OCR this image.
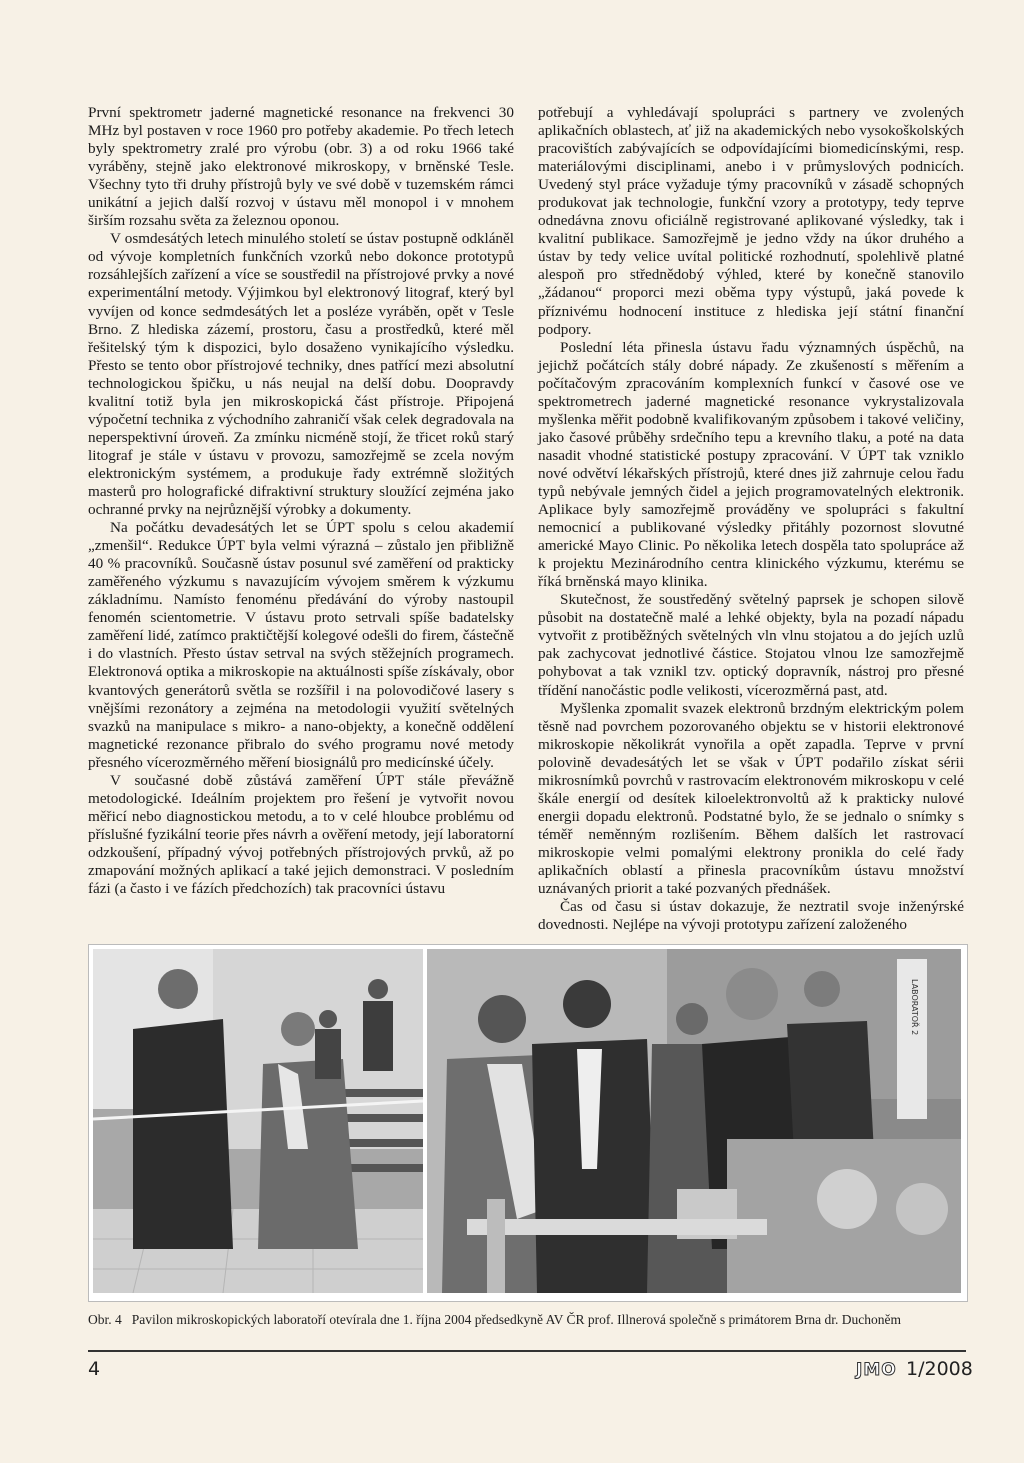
První spektrometr jaderné magnetické resonance na frekvenci 30 MHz byl postaven v roce 1960 pro potřeby akademie. Po třech letech byly spektrometry zralé pro výrobu (obr. 3) a od roku 1966 také vyráběny, stejně jako elektronové mikroskopy, v brněnské Tesle. Všechny tyto tři druhy přístrojů byly ve své době v tuzemském rámci unikátní a jejich další rozvoj v ústavu měl monopol i v mnohem širším rozsahu světa za železnou oponou.

V osmdesátých letech minulého století se ústav postupně odkláněl od vývoje kompletních funkčních vzorků nebo dokonce prototypů rozsáhlejších zařízení a více se soustředil na přístrojové prvky a nové experimentální metody. Výjimkou byl elektronový litograf, který byl vyvíjen od konce sedmdesátých let a posléze vyráběn, opět v Tesle Brno. Z hlediska zázemí, prostoru, času a prostředků, které měl řešitelský tým k dispozici, bylo dosaženo vynikajícího výsledku. Přesto se tento obor přístrojové techniky, dnes patřící mezi absolutní technologickou špičku, u nás neujal na delší dobu. Doopravdy kvalitní totiž byla jen mikroskopická část přístroje. Připojená výpočetní technika z východního zahraničí však celek degradovala na neperspektivní úroveň. Za zmínku nicméně stojí, že třicet roků starý litograf je stále v ústavu v provozu, samozřejmě se zcela novým elektronickým systémem, a produkuje řady extrémně složitých masterů pro holografické difraktivní struktury sloužící zejména jako ochranné prvky na nejrůznější výrobky a dokumenty.

Na počátku devadesátých let se ÚPT spolu s celou akademií „zmenšil“. Redukce ÚPT byla velmi výrazná – zůstalo jen přibližně 40 % pracovníků. Současně ústav posunul své zaměření od prakticky zaměřeného výzkumu s navazujícím vývojem směrem k výzkumu základnímu. Namísto fenoménu předávání do výroby nastoupil fenomén scientometrie. V ústavu proto setrvali spíše badatelsky zaměření lidé, zatímco praktičtější kolegové odešli do firem, částečně i do vlastních. Přesto ústav setrval na svých stěžejních programech. Elektronová optika a mikroskopie na aktuálnosti spíše získávaly, obor kvantových generátorů světla se rozšířil i na polovodičové lasery s vnějšími rezonátory a zejména na metodologii využití světelných svazků na manipulace s mikro- a nano-objekty, a konečně oddělení magnetické rezonance přibralo do svého programu nové metody přesného vícerozměrného měření biosignálů pro medicínské účely.

V současné době zůstává zaměření ÚPT stále převážně metodologické. Ideálním projektem pro řešení je vytvořit novou měřicí nebo diagnostickou metodu, a to v celé hloubce problému od příslušné fyzikální teorie přes návrh a ověření metody, její laboratorní odzkoušení, případný vývoj potřebných přístrojových prvků, až po zmapování možných aplikací a také jejich demonstraci. V posledním fázi (a často i ve fázích předchozích) tak pracovníci ústavu

potřebují a vyhledávají spolupráci s partnery ve zvolených aplikačních oblastech, ať již na akademických nebo vysokoškolských pracovištích zabývajících se odpovídajícími biomedicínskými, resp. materiálovými disciplinami, anebo i v průmyslových podnicích. Uvedený styl práce vyžaduje týmy pracovníků v zásadě schopných produkovat jak technologie, funkční vzory a prototypy, tedy teprve odnedávna znovu oficiálně registrované aplikované výsledky, tak i kvalitní publikace. Samozřejmě je jedno vždy na úkor druhého a ústav by tedy velice uvítal politické rozhodnutí, spolehlivě platné alespoň pro střednědobý výhled, které by konečně stanovilo „žádanou“ proporci mezi oběma typy výstupů, jaká povede k příznivému hodnocení instituce z hlediska její státní finanční podpory.

Poslední léta přinesla ústavu řadu významných úspěchů, na jejichž počátcích stály dobré nápady. Ze zkušeností s měřením a počítačovým zpracováním komplexních funkcí v časové ose ve spektrometrech jaderné magnetické resonance vykrystalizovala myšlenka měřit podobně kvalifikovaným způsobem i takové veličiny, jako časové průběhy srdečního tepu a krevního tlaku, a poté na data nasadit vhodné statistické postupy zpracování. V ÚPT tak vzniklo nové odvětví lékařských přístrojů, které dnes již zahrnuje celou řadu typů nebývale jemných čidel a jejich programovatelných elektronik. Aplikace byly samozřejmě prováděny ve spolupráci s fakultní nemocnicí a publikované výsledky přitáhly pozornost slovutné americké Mayo Clinic. Po několika letech dospěla tato spolupráce až k projektu Mezinárodního centra klinického výzkumu, kterému se říká brněnská mayo klinika.

Skutečnost, že soustředěný světelný paprsek je schopen silově působit na dostatečně malé a lehké objekty, byla na pozadí nápadu vytvořit z protiběžných světelných vln vlnu stojatou a do jejích uzlů pak zachycovat jednotlivé částice. Stojatou vlnou lze samozřejmě pohybovat a tak vznikl tzv. optický dopravník, nástroj pro přesné třídění nanočástic podle velikosti, vícerozměrná past, atd.

Myšlenka zpomalit svazek elektronů brzdným elektrickým polem těsně nad povrchem pozorovaného objektu se v historii elektronové mikroskopie několikrát vynořila a opět zapadla. Teprve v první polovině devadesátých let se však v ÚPT podařilo získat sérii mikrosnímků povrchů v rastrovacím elektronovém mikroskopu v celé škále energií od desítek kiloelektronvoltů až k prakticky nulové energii dopadu elektronů. Podstatné bylo, že se jednalo o snímky s téměř neměnným rozlišením. Během dalších let rastrovací mikroskopie velmi pomalými elektrony pronikla do celé řady aplikačních oblastí a přinesla pracovníkům ústavu množství uznávaných priorit a také pozvaných přednášek.

Čas od času si ústav dokazuje, že neztratil svoje inženýrské dovednosti. Nejlépe na vývoji prototypu zařízení založeného

LABORATOŘ 2
Obr. 4 Pavilon mikroskopických laboratoří otevírala dne 1. října 2004 předsedkyně AV ČR prof. Illnerová společně s primátorem Brna dr. Duchoněm
4	JMO 1/2008
